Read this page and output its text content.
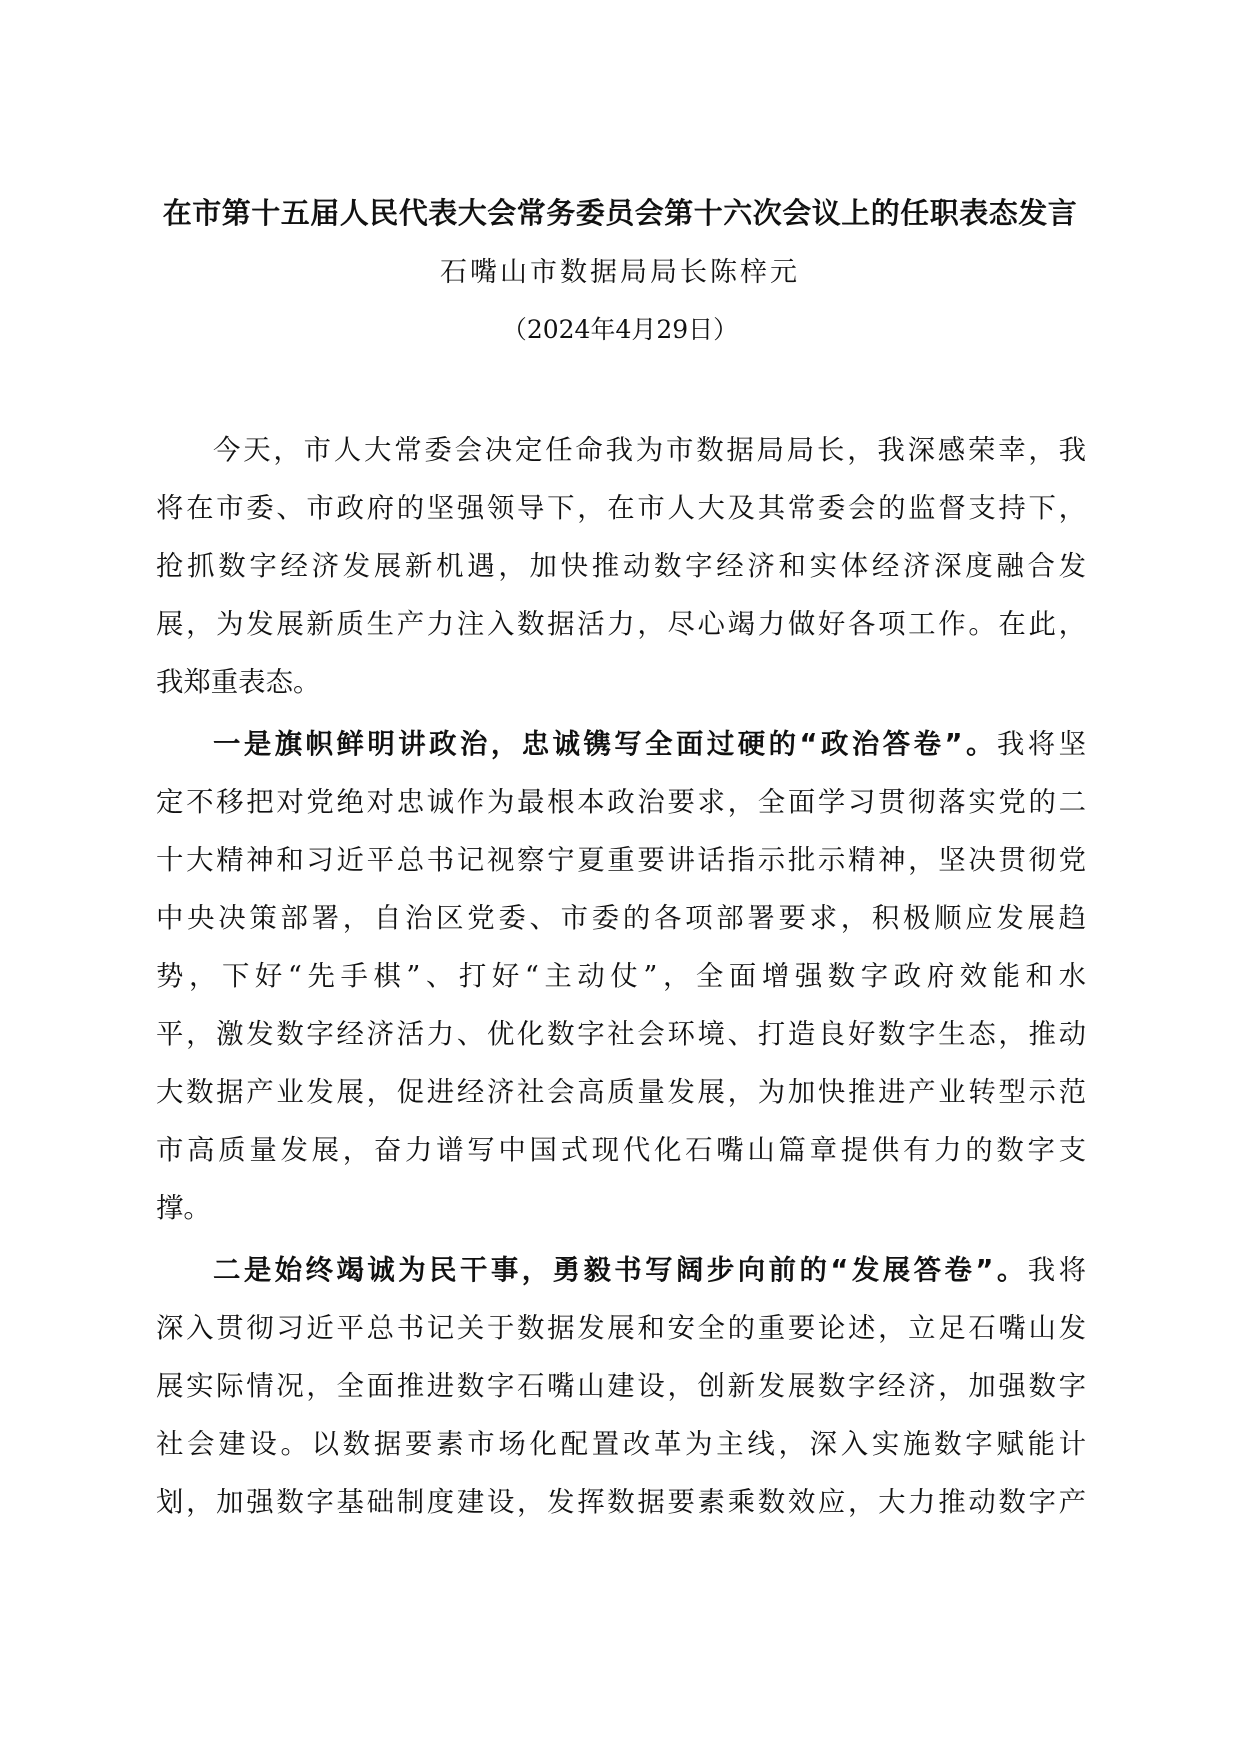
在市第十五届人民代表大会常务委员会第十六次会议上的任职表态发言
石嘴山市数据局局长陈梓元
（2024年4月29日）
今天，市人大常委会决定任命我为市数据局局长，我深感荣幸，我
将在市委、市政府的坚强领导下，在市人大及其常委会的监督支持下，
抢抓数字经济发展新机遇，加快推动数字经济和实体经济深度融合发
展，为发展新质生产力注入数据活力，尽心竭力做好各项工作。在此，
我郑重表态。
一是旗帜鲜明讲政治，忠诚镌写全面过硬的“政治答卷”。我将坚
定不移把对党绝对忠诚作为最根本政治要求，全面学习贯彻落实党的二
十大精神和习近平总书记视察宁夏重要讲话指示批示精神，坚决贯彻党
中央决策部署，自治区党委、市委的各项部署要求，积极顺应发展趋
势，下好“先手棋”、打好“主动仗”，全面增强数字政府效能和水
平，激发数字经济活力、优化数字社会环境、打造良好数字生态，推动
大数据产业发展，促进经济社会高质量发展，为加快推进产业转型示范
市高质量发展，奋力谱写中国式现代化石嘴山篇章提供有力的数字支
撑。
二是始终竭诚为民干事，勇毅书写阔步向前的“发展答卷”。我将
深入贯彻习近平总书记关于数据发展和安全的重要论述，立足石嘴山发
展实际情况，全面推进数字石嘴山建设，创新发展数字经济，加强数字
社会建设。以数据要素市场化配置改革为主线，深入实施数字赋能计
划，加强数字基础制度建设，发挥数据要素乘数效应，大力推动数字产
